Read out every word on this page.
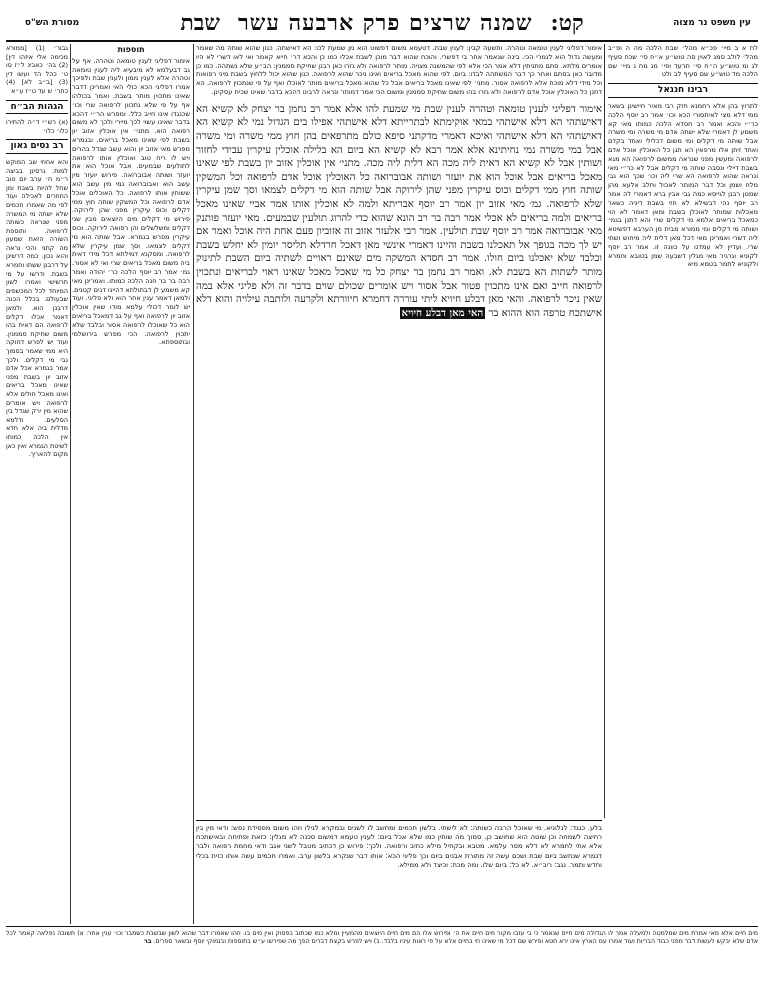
עין משפט נר מצוה
קט:
שמנה שרצים פרק ארבעה עשר
שבת
מסורת הש"ס
לח א ב מיי׳ פכ״א מהל׳ שבת הלכה מה ה ופ״ב מהל׳ לולב סמג לאוין סה טוש״ע א״ח סי׳ שכח סעיף לג ומ טוש״ע ה״ח סי׳ תרעד ופי׳ מג מח ג מיי׳ שם הלכה מד טוש״ע שם סעיף לב ולט
רבינו חננאל
לתרוץ בהן אלא רחמנא חזק רבי מאיר חיישינן בשאר ממי דלא מצי לאיתסורי הכא וכו׳ אמר רב יוסף הלכה כר״י והכא ואמר רב חסדא הלכה כמותו מאי קא משמע לן דאמרי שלא ישתה אדם מי משרה ומי משרה אבל שותה מי דקלים ומי משום דכלילי ואחד בקדם ואחד זיתן אלו מרפאין הא תגן כל האוכלין אוכל אדם לרפואה ומעשין מפני שנראה ממשום לרפואה הא מגא בשבת דיילי ונסבה שותה מי דקלים אבל לא כר״י מאי ונראה שהוא לרפואה הא שרי ליה וכו׳ שכך הוא גבי מלח ושמן וכל דבר המותר לאכול וחלב אלעא מהן שמנון רבנן לגייסא כמה גבי אבין ברא דאמרי לה אמר רב יוסף נהי דבשילא לא חזי בשבת דיניה כשאר מאכלות שמותר לאוכלן בשבת ומאן דאמר לא הוי כמאכל בריאים אלמא מי דקלים שרי והא דתנן בגמ׳ ושותה מי דקלים ומי ממורא מבית מן הערבא דפשיטא ליה דשרי ואמרינן מאי דכל מאן דלית ליה מיחוש ושתי שרי. ועדיין לא עמדנו על כוונה זו. אמר רב יוסף לקוניא וגרגיר מאי מגלין דשבעה שמן בטובא וחמרא ולקוניא לחמר בטמא מיא
אימור דפליגי לענין טומאה וטהרה. ותשעה קבין: לענין שבת. דטעמא משום דפשוט הוא מן שמעת לכו: הא דאישתה. כגון שהוא שותה מה שאמר ומעשה גדול הוא לגמרי הכי. בינה שנאמר אחר בי דפשרי. והוכח שהוא דבר מוכן לשבת אכלו כמו כן והכא דר׳ חייא קאמר ואי לאו דשרי לא היו אומרים מלתא. סתם מתניתין דלא אמר הכי אלא לפי שהמשנה מצויה. מותר לרפואה ולא גזרו כאן רבנן שחיקת סממנין: הב״ע שלא נשתהה. כמו כן מדובר כאן בסתם ואחר כך דבר המשתהה לבדו: ביום. לפי שהוא מאכל בריאים ואינו ניכר שהוא לרפואה. כגון שהוא יכול ללחוץ בשבת מיני רפואות וכל מידי דלא מוכח אלא לרפואה אסור. מתני׳ לפי שאינו מאכל בריאים אבל כל שהוא מאכל בריאים מותר לאוכלו ואף על פי שנתכוין לרפואה. הא דתנן כל האוכלין אוכל אדם לרפואה ולא גזרו בהו משום שחיקת סממנין ומשום הכי אמר דמותר ונראה לרבינו דהכא בדבר שאינו שכיח עסקינן.
אימור דפליגי לענין טומאה וטהרה לענין שבת מי שמעת להו אלא אמר רב נחמן בר יצחק לא קשיא הא דאישתהי הא דלא אישתהי במאי אוקימתא לבתרייתא דלא אישתהי אפילו בים הגדול נמי לא קשיא הא דאישתהי הא דלא אישתהי ואיכא דאמרי מדקתני סיפא כולם מתרפאים בהן חוץ ממי משרה ומי משרה אבל במי משרה נמי נחיתינא אלא אמר רבא לא קשיא הא ביום הא בלילה אוכלין עיקרין עבידי לחזור ושותין אבל לא קשיא הא דאית ליה מכה הא דלית ליה מכה. מתני׳ אין אוכלין אזוב יון בשבת לפי שאינו מאכל בריאים אבל אוכל הוא את יועזר ושותה אבוברואה כל האוכלין אוכל אדם לרפואה וכל המשקין שותה חוץ ממי דקלים וכוס עיקרין מפני שהן לירוקה אבל שותה הוא מי דקלים לצמאו וסך שמן עיקרין שלא לרפואה. גמ׳ מאי אזוב יון אמר רב יוסף אבריתא ולמה לא אוכלין אותו אמר אביי שאינו מאכל בריאים ולמה בריאים לא אכלי אמר רבה בר רב הונא שהוא כדי להרוג תולעין שבמעים. מאי יועזר פותנק מאי אבוברואה אמר רב יוסף שבת תולעין. אמר רבי אלעזר אזוב זה אזוביון פעם אחת היה אוכל ואמר אם יש לך מכה בגופך אל תאכלנו בשבת והיינו דאמרי אינשי מאן דאכל חרדלא תליסר יומין לא יחלש בשבת ובלבד שלא יאכלנו ביום חולו. אמר רב חסדא המשקה מים שאינם ראויים לשתיה ביום השבת לתינוק מותר לשתות הא בשבת לא. ואמר רב נחמן בר יצחק כל מי שאכל מאכל שאינו ראוי לבריאים ונתכוין לרפואה חייב ואם אינו מתכוין פטור אבל אסור ויש אומרים שכולם שוים בדבר זה ולא פליגי אלא במה שאין ניכר לרפואה. והאי מאן דבלע חיויא ליתי עוררה דחמרא חיוורתא ולקרעה ולותבה עילויה והוא דלא אישתכח טרפה הוא ההוא בר האי מאן דבלע חיויא
תוספות
אימור דפליגי לענין טומאה וטהרה. אף על גב דבעלמא לא מיבעיא ליה לענין טומאה וטהרה אלא לענין ממון ולענין שבת ולפיכך אמרו דפליגי הכא כולי האי ואמרינן דדבר שאינו מתכוין מותר בשבת. ואמר בכולהו אף על פי שלא נתכוון לרפואה שרי וכו׳ שכנגדו אינו חייב כלל. ומפרש הר״י דהכא בדבר שאינו עשוי לכך מיירי ולכך לא משום רפואה הוא. מתני׳ אין אוכלין אזוב יון בשבת לפי שאינו מאכל בריאים. ובגמרא מפרש מאי אזוב יון והוא עשב שגדל בהרים ויש לו ריח טוב ואוכלין אותו לרפואה לתולעים שבמעים. אבל אוכל הוא את יועזר ושותה אבוברואה. פירוש יועזר מין עשב הוא ואבוברואה נמי מין עשב הוא ששותין אותו לרפואה. כל האוכלים אוכל אדם לרפואה וכל המשקין שותה חוץ ממי דקלים וכוס עיקרין מפני שהן לירוקה. פירוש מי דקלים מים היוצאים מבין שני דקלים ומשלשלים והן רפואה לירוקה. וכוס עיקרין מפרש בגמרא. אבל שותה הוא מי דקלים לצמאו. וסך שמן עיקרין שלא לרפואה. ומסקנא דמילתא דכל מידי דאית ביה משום מאכל בריאים שרי ואי לא אסור. גמ׳ אמר רב יוסף הלכה כר׳ יהודה ואמר רבה בר בר חנה הלכה כמותו. ואמרינן מאי קא משמע לן דבתולתא דהיינו דגים קטנים. ולמאן דאמר ענין אחר הוא ולא פליגי. ועוד יש לומר דכולי עלמא מודו שאין אוכלין אזוב יון לרפואה ואף על גב דמאכל בריאים הוא כל שאוכלו לרפואה אסור ובלבד שלא יתכוין לרפואה. הכי מפרש בירושלמי ובתוספתא.
גבור׳ (1) [ממורא מכימה אלי איזהו דין] (2) בה׳ כאבינ ל״ז סו ט׳ כהל הד ועשו דין (3) [ב״ב לא] (4) כתר׳ ש עד ט״ז ע״א
הגהות הב״ח
(א) רש״י ד״ה להתירו כלו׳ כלו׳
רב נסים גאון
והא אחוזי שב המוקש למות. גרסינן בביצה ר״מ ח׳ ערב יום טוב שחל להיות בשבת ומן החוזרים לאכילה ועוד לפי מה שאמרו חכמים שלא ישתה מי המשרה מפני שנראה כשותה לרפואה. ותוספת השורה הזאת שמעון מה קתני והכי נראה והוא נכון. כמה דרשינן על דרבנן ששתו וחמרא בשבת. ודרשו על מי תרשישי ואמרו לשון המיוחד לכל המכשפים שבעולם. בכלל הכנה דרבנן הוא. ולמאן דאמר אכלו דקלים לרפואה הם דאית בהו משום שחיקת סממנין. ועוד יש לפרש דחוקה היא ממי שאמר בסמוך גבי מי דקלים. ולכך אמר בגמרא אכל אדם אזוב יון בשבת מפני שאינו מאכל בריאים ואינו מאכל חולים אלא לרפואה ויש אומרים שהוא מין ירק שגדל בין הסלעים. ודלמא מדלית ביה אלא חדא אין הלכה כמותו לשיטת הגמרא ואין כאן מקום להאריך.
בלע. כנגד: לגלוניא. מי שאוכל הרבה כשותה: לא לישתי. בלשון חכמים ומחשב לו לשנים ובמקרא לגילו וזהו משום מפסידת נפש: ודאי מין בין רחיצה לשמחה וכן שוטה הוא שחושב כן. סמוך מה שותין כמו שלא אכל ביום: לענין טעמא דמשום סכנה לא מגלין: כזאת ופתיחה ובאישתכח אלא אתי לחמרא לא דלא מסר עלמא. מטבא ובקחיל מילא כתיב ורפואה. ולכך: פירוש כן דכתיב מטבל לשני אגב ודאי מחמת רפואה ולבר דגמרא שנחשב ביום שבת ושכם עשה זה מתורת אבנים ביום וכך פליגי הכא: אותו דבר שנקרא בלשון ערב. ואמרו חכמים עשה אותו כזית בכלי וחדש ותמר. נגב: ריב״א. לא כל: ביום שלו. ומה מכח: וכיצד ולא ממילא.
מים חיים אלא מאי אמרת מים שמלמטה ולמעלה אמר לו הגדולה מים חיים שנאמר כי בי עזבו מקור מים חיים את ה׳ ופירוש אלו הם מים חיים היוצאים מהמעיין ומלא כמו שכתוב בפסוק ואין מים בו. וזהו שאמרו דבר שהוא לשון שבשבת כשמבר וכו׳ ענין אחר: א) תשובה נפלאה קאמר לכל אדם שלא יבקש לעשות דבר מפני כבוד הבריות ועוד אמרו עם הארץ אינו ירא חטא ופירש שם דכל מי שאינו חי בחיים אלא על פי ראות עיניו בלבד. ב) ויש לפרש בקצת דברים הפך מה שפירשו ע״ש בתוספות ובנמוקי יוסף ובשאר ספרים. בר
